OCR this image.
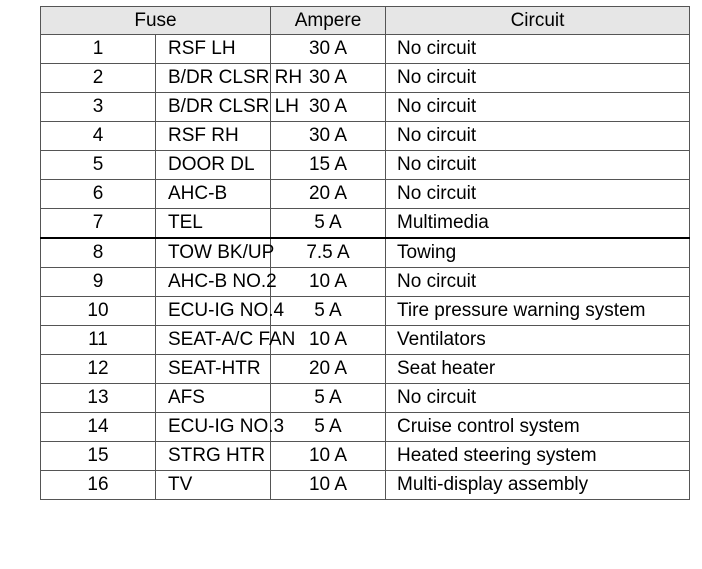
Fuse		Ampere	Circuit
1	RSF LH	30 A	No circuit
2	B/DR CLSR RH	30 A	No circuit
3	B/DR CLSR LH	30 A	No circuit
4	RSF RH	30 A	No circuit
5	DOOR DL	15 A	No circuit
6	AHC-B	20 A	No circuit
7	TEL	5 A	Multimedia
8	TOW BK/UP	7.5 A	Towing
9	AHC-B NO.2	10 A	No circuit
10	ECU-IG NO.4	5 A	Tire pressure warning system
11	SEAT-A/C FAN	10 A	Ventilators
12	SEAT-HTR	20 A	Seat heater
13	AFS	5 A	No circuit
14	ECU-IG NO.3	5 A	Cruise control system
15	STRG HTR	10 A	Heated steering system
16	TV	10 A	Multi-display assembly
